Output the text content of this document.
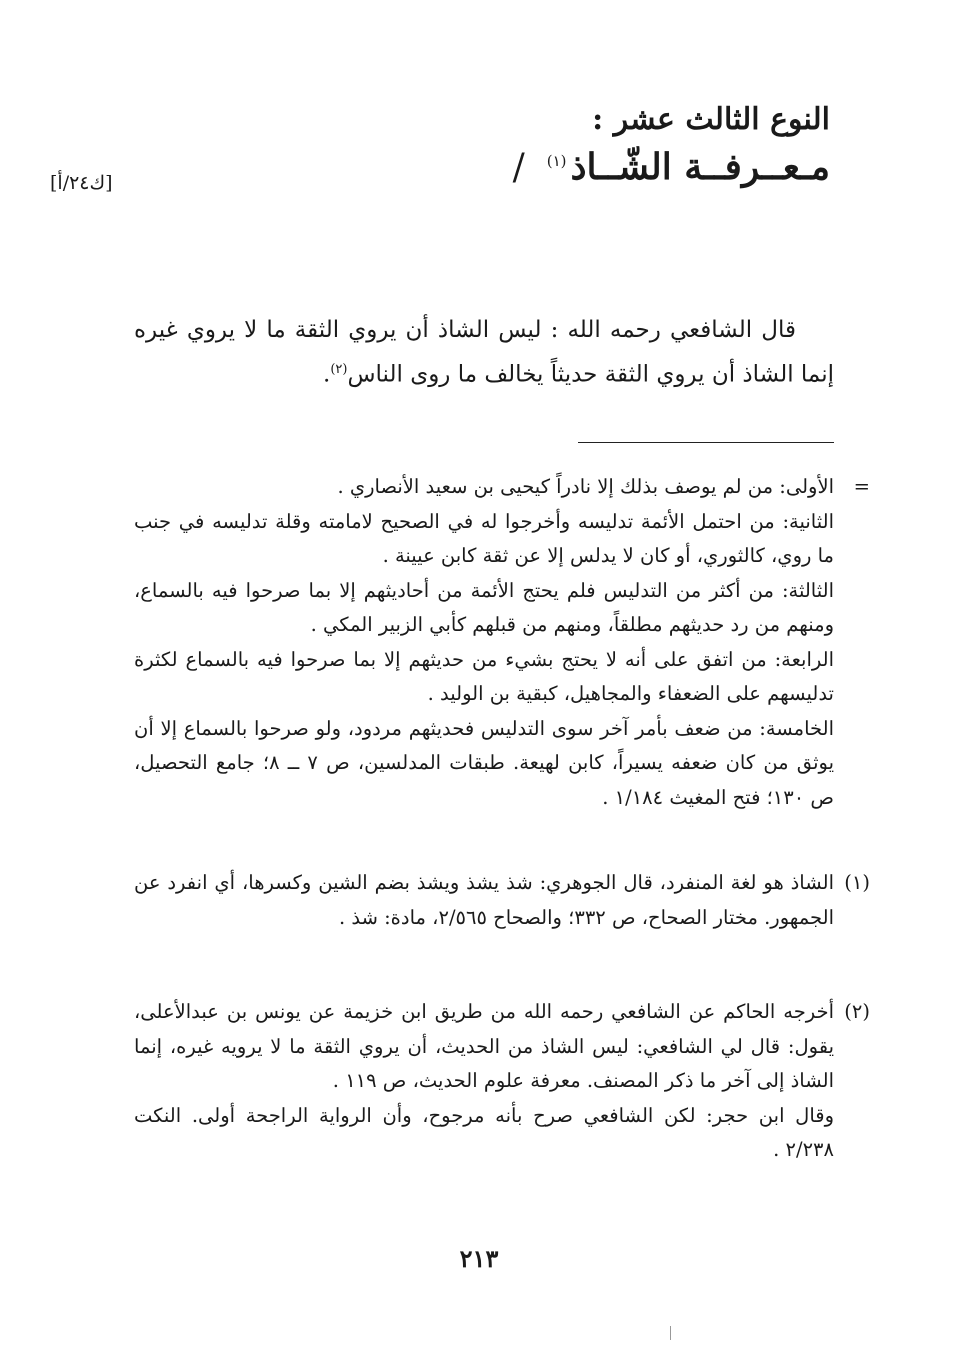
النوع الثالث عشر :
مـعــرفــة الشّــاذ$^{(١)}$/
[ك٢٤/أ]

قال الشافعي رحمه الله : ليس الشاذ أن يروي الثقة ما لا يروي غيره إنما الشاذ أن يروي الثقة حديثاً يخالف ما روى الناس$^{(٢)}$.

=

الأولى: من لم يوصف بذلك إلا نادراً كيحيى بن سعيد الأنصاري .

الثانية: من احتمل الأئمة تدليسه وأخرجوا له في الصحيح لامامته وقلة تدليسه في جنب ما روي، كالثوري، أو كان لا يدلس إلا عن ثقة كابن عيينة .

الثالثة: من أكثر من التدليس فلم يحتج الأئمة من أحاديثهم إلا بما صرحوا فيه بالسماع، ومنهم من رد حديثهم مطلقاً، ومنهم من قبلهم كأبي الزبير المكي .

الرابعة: من اتفق على أنه لا يحتج بشيء من حديثهم إلا بما صرحوا فيه بالسماع لكثرة تدليسهم على الضعفاء والمجاهيل، كبقية بن الوليد .

الخامسة: من ضعف بأمر آخر سوى التدليس فحديثهم مردود، ولو صرحوا بالسماع إلا أن يوثق من كان ضعفه يسيراً، كابن لهيعة. طبقات المدلسين، ص ٧ ــ ٨؛ جامع التحصيل، ص ١٣٠؛ فتح المغيث ١/١٨٤ .

(١)

الشاذ هو لغة المنفرد، قال الجوهري: شذ يشذ ويشذ بضم الشين وكسرها، أي انفرد عن الجمهور. مختار الصحاح، ص ٣٣٢؛ والصحاح ٢/٥٦٥، مادة: شذ .

(٢)

أخرجه الحاكم عن الشافعي رحمه الله من طريق ابن خزيمة عن يونس بن عبدالأعلى، يقول: قال لي الشافعي: ليس الشاذ من الحديث، أن يروي الثقة ما لا يرويه غيره، إنما الشاذ إلى آخر ما ذكر المصنف. معرفة علوم الحديث، ص ١١٩ .

وقال ابن حجر: لكن الشافعي صرح بأنه مرجوح، وأن الرواية الراجحة أولى. النكت ٢/٢٣٨ .

٢١٣
